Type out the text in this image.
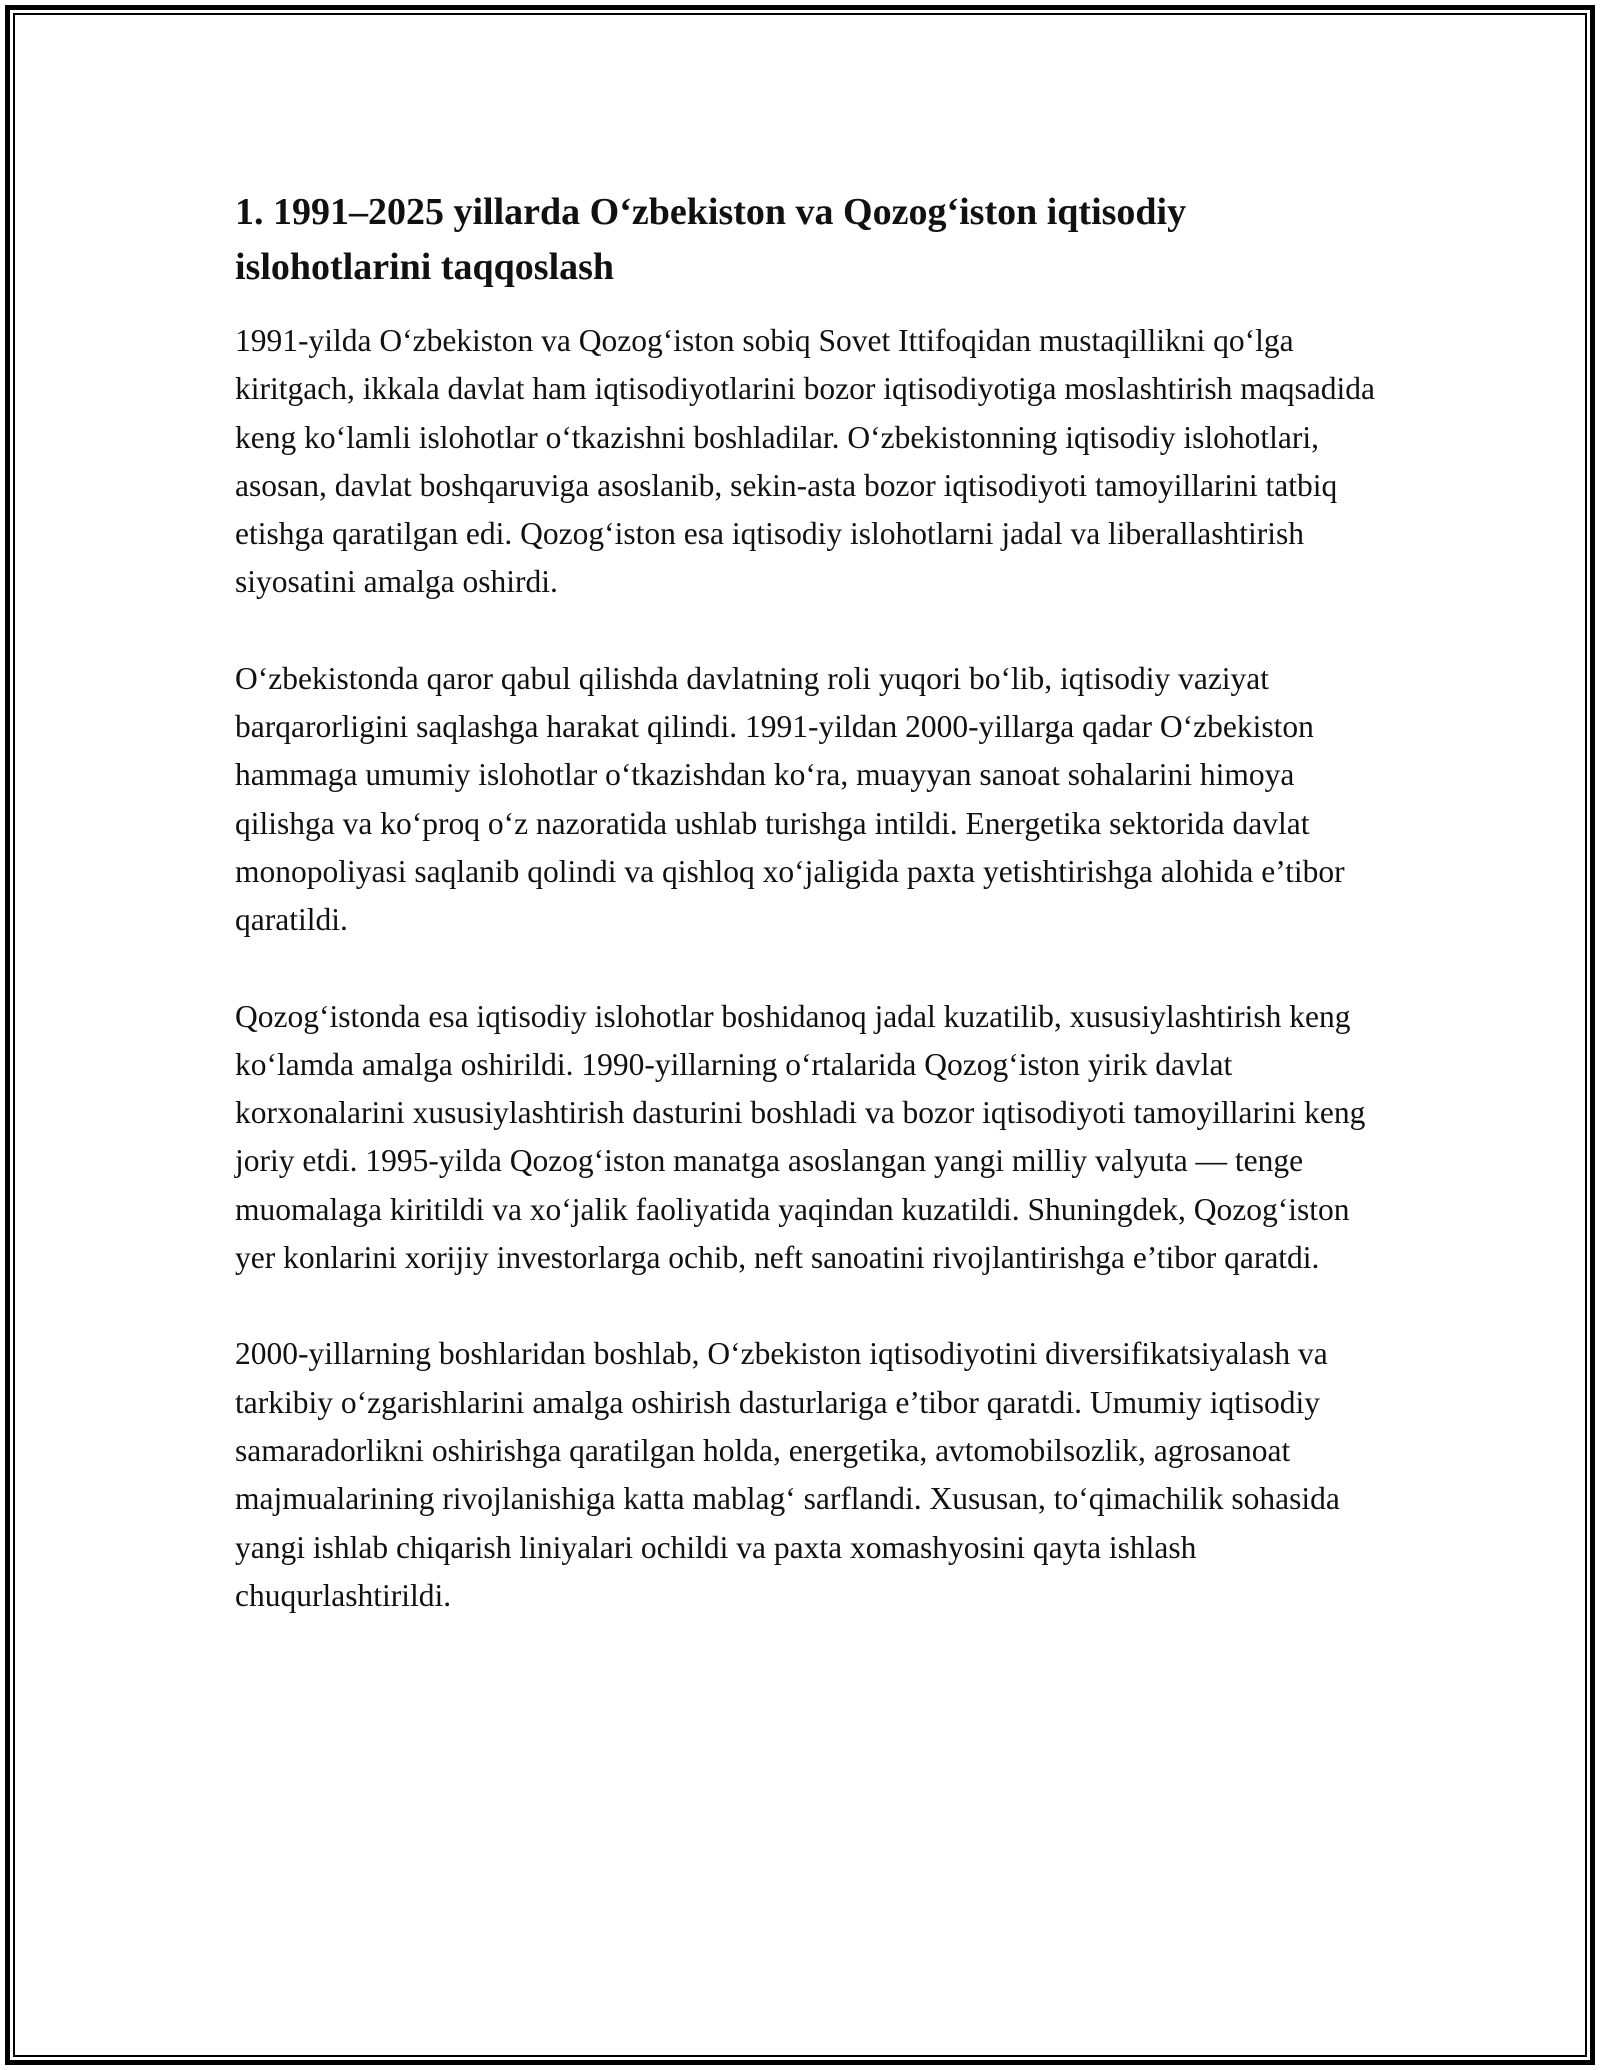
1. 1991–2025 yillarda O‘zbekiston va Qozog‘iston iqtisodiy islohotlarini taqqoslash

1991-yilda O‘zbekiston va Qozog‘iston sobiq Sovet Ittifoqidan mustaqillikni qo‘lga kiritgach, ikkala davlat ham iqtisodiyotlarini bozor iqtisodiyotiga moslashtirish maqsadida keng ko‘lamli islohotlar o‘tkazishni boshladilar. O‘zbekistonning iqtisodiy islohotlari, asosan, davlat boshqaruviga asoslanib, sekin-asta bozor iqtisodiyoti tamoyillarini tatbiq etishga qaratilgan edi. Qozog‘iston esa iqtisodiy islohotlarni jadal va liberallashtirish siyosatini amalga oshirdi.

O‘zbekistonda qaror qabul qilishda davlatning roli yuqori bo‘lib, iqtisodiy vaziyat barqarorligini saqlashga harakat qilindi. 1991-yildan 2000-yillarga qadar O‘zbekiston hammaga umumiy islohotlar o‘tkazishdan ko‘ra, muayyan sanoat sohalarini himoya qilishga va ko‘proq o‘z nazoratida ushlab turishga intildi. Energetika sektorida davlat monopoliyasi saqlanib qolindi va qishloq xo‘jaligida paxta yetishtirishga alohida e’tibor qaratildi.

Qozog‘istonda esa iqtisodiy islohotlar boshidanoq jadal kuzatilib, xususiylashtirish keng ko‘lamda amalga oshirildi. 1990-yillarning o‘rtalarida Qozog‘iston yirik davlat korxonalarini xususiylashtirish dasturini boshladi va bozor iqtisodiyoti tamoyillarini keng joriy etdi. 1995-yilda Qozog‘iston manatga asoslangan yangi milliy valyuta — tenge muomalaga kiritildi va xo‘jalik faoliyatida yaqindan kuzatildi. Shuningdek, Qozog‘iston yer konlarini xorijiy investorlarga ochib, neft sanoatini rivojlantirishga e’tibor qaratdi.

2000-yillarning boshlaridan boshlab, O‘zbekiston iqtisodiyotini diversifikatsiyalash va tarkibiy o‘zgarishlarini amalga oshirish dasturlariga e’tibor qaratdi. Umumiy iqtisodiy samaradorlikni oshirishga qaratilgan holda, energetika, avtomobilsozlik, agrosanoat majmualarining rivojlanishiga katta mablag‘ sarflandi. Xususan, to‘qimachilik sohasida yangi ishlab chiqarish liniyalari ochildi va paxta xomashyosini qayta ishlash chuqurlashtirildi.
